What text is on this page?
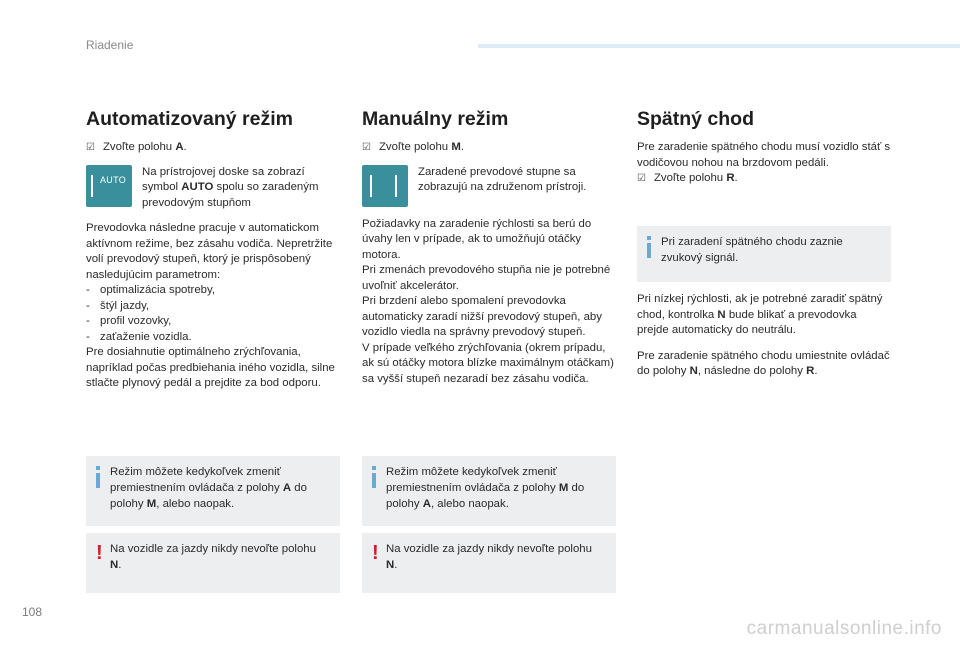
Riadenie
Automatizovaný režim
☑ Zvoľte polohu A.
AUTO
Na prístrojovej doske sa zobrazí symbol AUTO spolu so zaradeným prevodovým stupňom

Prevodovka následne pracuje v automatickom aktívnom režime, bez zásahu vodiča. Nepretržite volí prevodový stupeň, ktorý je prispôsobený nasledujúcim parametrom:

- optimalizácia spotreby,
- štýl jazdy,
- profil vozovky,
- zaťaženie vozidla.

Pre dosiahnutie optimálneho zrýchľovania, napríklad počas predbiehania iného vozidla, silne stlačte plynový pedál a prejdite za bod odporu.

Režim môžete kedykoľvek zmeniť premiestnením ovládača z polohy A do polohy M, alebo naopak.
! Na vozidle za jazdy nikdy nevoľte polohu N.
Manuálny režim
☑ Zvoľte polohu M.
Zaradené prevodové stupne sa zobrazujú na združenom prístroji.

Požiadavky na zaradenie rýchlosti sa berú do úvahy len v prípade, ak to umožňujú otáčky motora.

Pri zmenách prevodového stupňa nie je potrebné uvoľniť akcelerátor.

Pri brzdení alebo spomalení prevodovka automaticky zaradí nižší prevodový stupeň, aby vozidlo viedla na správny prevodový stupeň.

V prípade veľkého zrýchľovania (okrem prípadu, ak sú otáčky motora blízke maximálnym otáčkam) sa vyšší stupeň nezaradí bez zásahu vodiča.

Režim môžete kedykoľvek zmeniť premiestnením ovládača z polohy M do polohy A, alebo naopak.
! Na vozidle za jazdy nikdy nevoľte polohu N.
Spätný chod

Pre zaradenie spätného chodu musí vozidlo stáť s vodičovou nohou na brzdovom pedáli.

☑ Zvoľte polohu R.
Pri zaradení spätného chodu zaznie zvukový signál.

Pri nízkej rýchlosti, ak je potrebné zaradiť spätný chod, kontrolka N bude blikať a prevodovka prejde automaticky do neutrálu.

Pre zaradenie spätného chodu umiestnite ovládač do polohy N, následne do polohy R.

108
carmanualsonline.info
